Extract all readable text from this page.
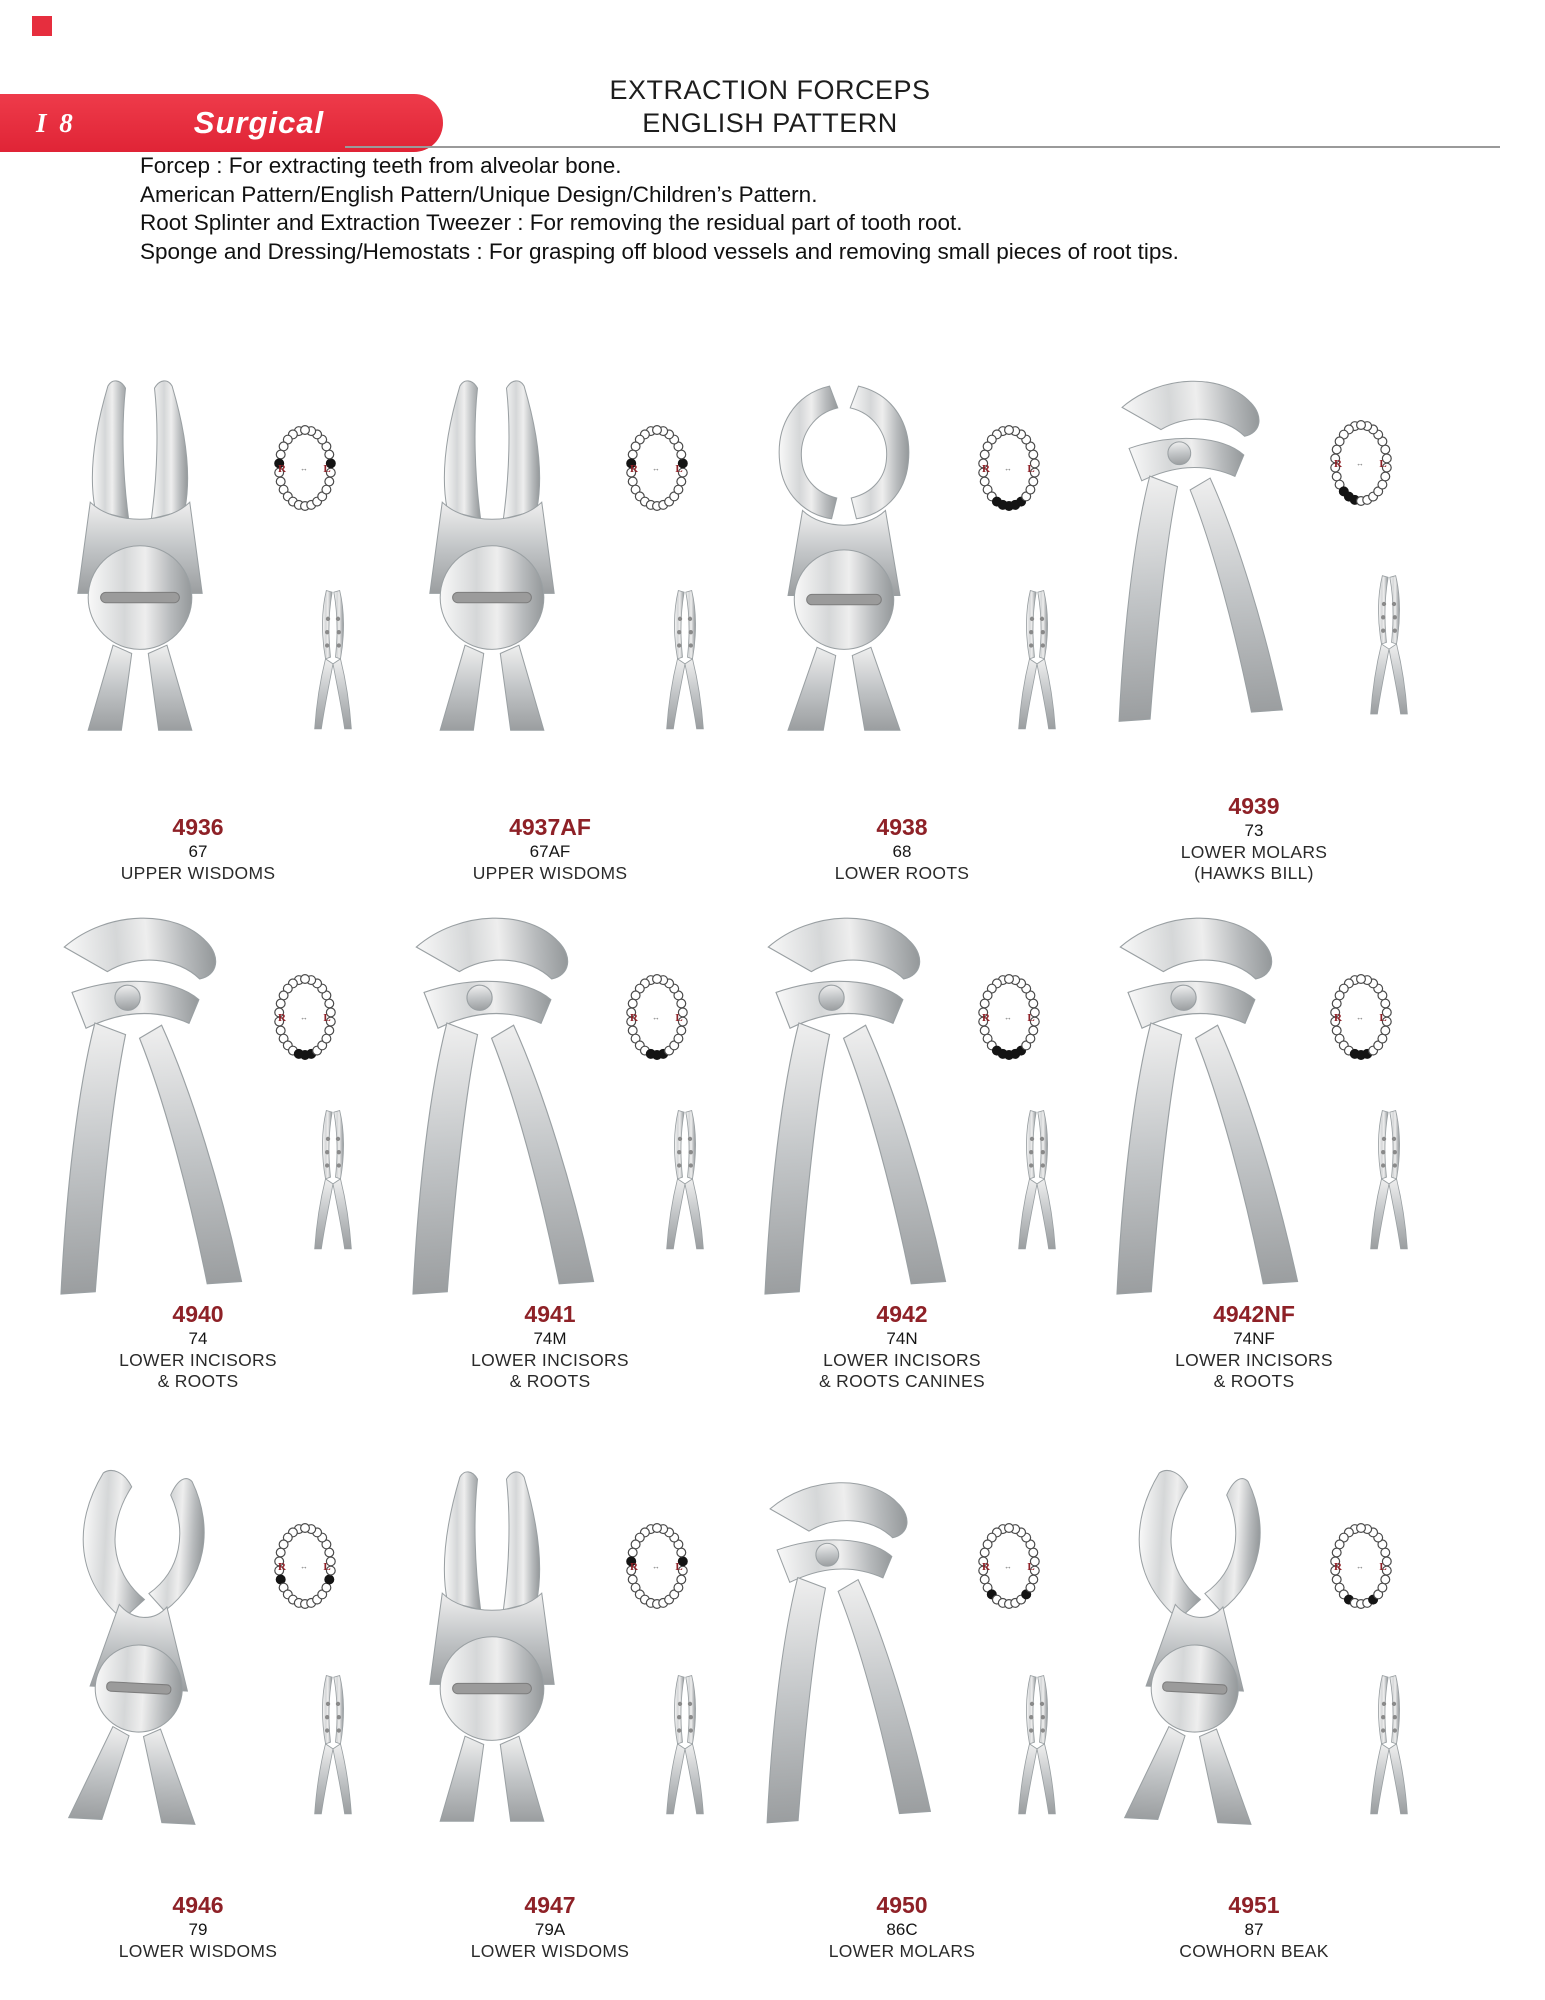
I 8	Surgical
EXTRACTION FORCEPS
ENGLISH PATTERN
Forcep : For extracting teeth from alveolar bone.
American Pattern/English Pattern/Unique Design/Children’s Pattern.
Root Splinter and Extraction Tweezer : For removing the residual part of tooth root.
Sponge and Dressing/Hemostats : For grasping off blood vessels and removing small pieces of root tips.
R ↔ L
4936
67
UPPER WISDOMS
R ↔ L
4937AF
67AF
UPPER WISDOMS
R ↔ L
4938
68
LOWER ROOTS
R ↔ L
4939
73
LOWER MOLARS
(HAWKS BILL)
R ↔ L
4940
74
LOWER INCISORS
& ROOTS
R ↔ L
4941
74M
LOWER INCISORS
& ROOTS
R ↔ L
4942
74N
LOWER INCISORS
& ROOTS CANINES
R ↔ L
4942NF
74NF
LOWER INCISORS
& ROOTS
R ↔ L
4946
79
LOWER WISDOMS
R ↔ L
4947
79A
LOWER WISDOMS
R ↔ L
4950
86C
LOWER MOLARS
R ↔ L
4951
87
COWHORN BEAK
